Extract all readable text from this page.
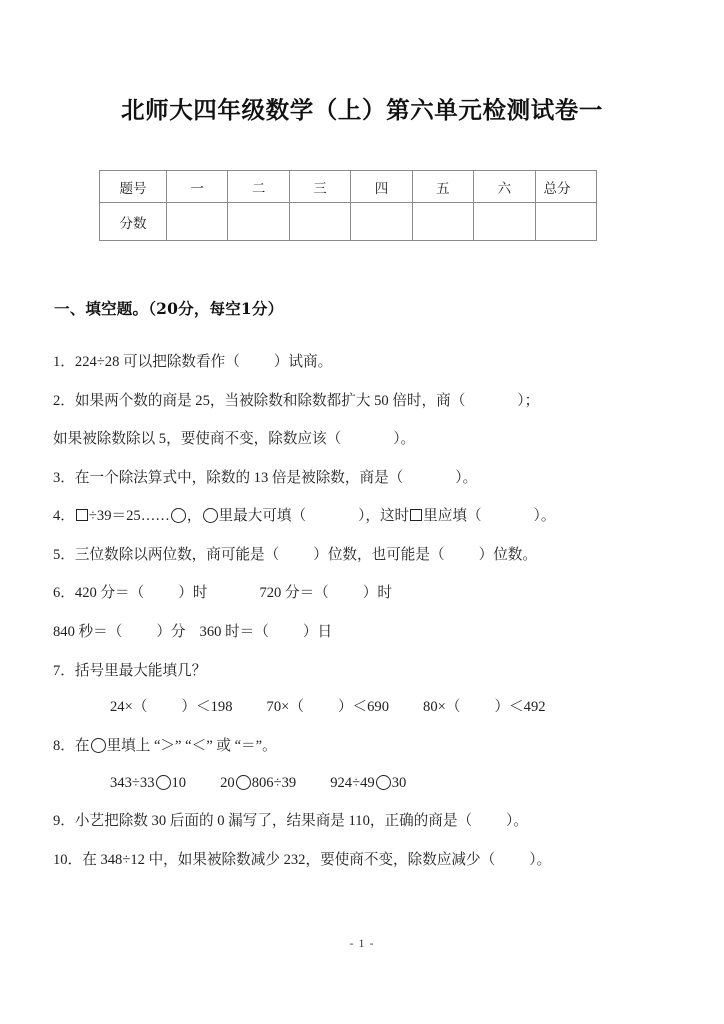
北师大四年级数学（上）第六单元检测试卷一
题号	一	二	三	四	五	六	总分
分数							
一、填空题。（20分，每空1分）
1．224÷28 可以把除数看作（ ）试商。
2．如果两个数的商是 25，当被除数和除数都扩大 50 倍时，商（	）；
如果被除数除以 5，要使商不变，除数应该（	）。
3．在一个除法算式中，除数的 13 倍是被除数，商是（	）。
4． ÷39＝25…… ， 里最大可填（	），这时 里应填（	）。
5．三位数除以两位数，商可能是（ ）位数，也可能是（ ）位数。
6．420 分＝（ ）时	720 分＝（ ）时
840 秒＝（ ）分 360 时＝（ ）日
7．括号里最大能填几？
24×（ ）＜198 70×（ ）＜690 80×（ ）＜492
8．在 里填上 “＞” “＜” 或 “＝”。
343÷33 10 20 806÷39 924÷49 30
9．小艺把除数 30 后面的 0 漏写了，结果商是 110，正确的商是（ ）。
10．在 348÷12 中，如果被除数减少 232，要使商不变，除数应减少（ ）。
- 1 -
